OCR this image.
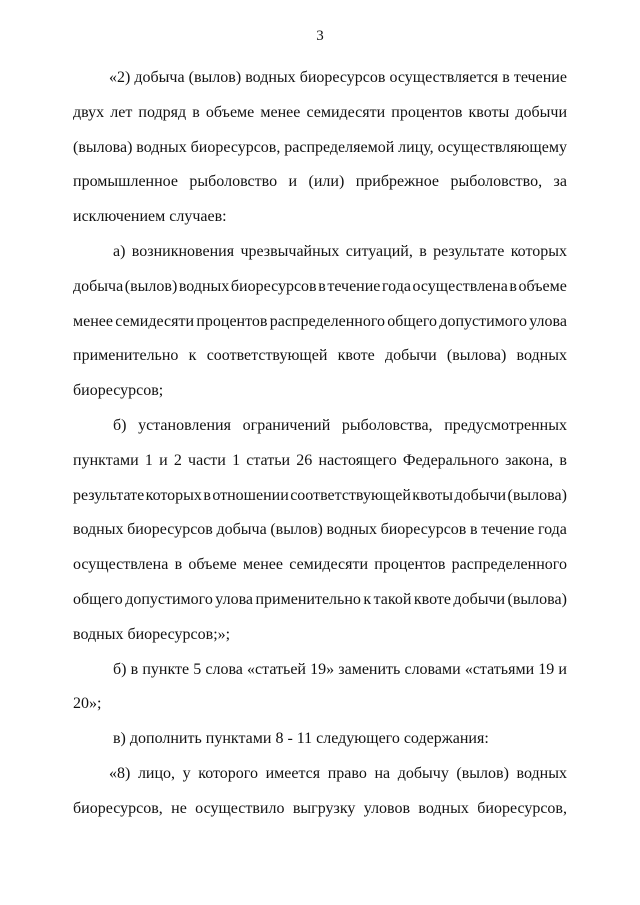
3
«2) добыча (вылов) водных биоресурсов осуществляется в течение
двух лет подряд в объеме менее семидесяти процентов квоты добычи
(вылова) водных биоресурсов, распределяемой лицу, осуществляющему
промышленное рыболовство и (или) прибрежное рыболовство, за
исключением случаев:
а) возникновения чрезвычайных ситуаций, в результате которых
добыча (вылов) водных биоресурсов в течение года осуществлена в объеме
менее семидесяти процентов распределенного общего допустимого улова
применительно к соответствующей квоте добычи (вылова) водных
биоресурсов;
б) установления ограничений рыболовства, предусмотренных
пунктами 1 и 2 части 1 статьи 26 настоящего Федерального закона, в
результате которых в отношении соответствующей квоты добычи (вылова)
водных биоресурсов добыча (вылов) водных биоресурсов в течение года
осуществлена в объеме менее семидесяти процентов распределенного
общего допустимого улова применительно к такой квоте добычи (вылова)
водных биоресурсов;»;
б) в пункте 5 слова «статьей 19» заменить словами «статьями 19 и
20»;
в) дополнить пунктами 8 - 11 следующего содержания:
«8) лицо, у которого имеется право на добычу (вылов) водных
биоресурсов, не осуществило выгрузку уловов водных биоресурсов,
